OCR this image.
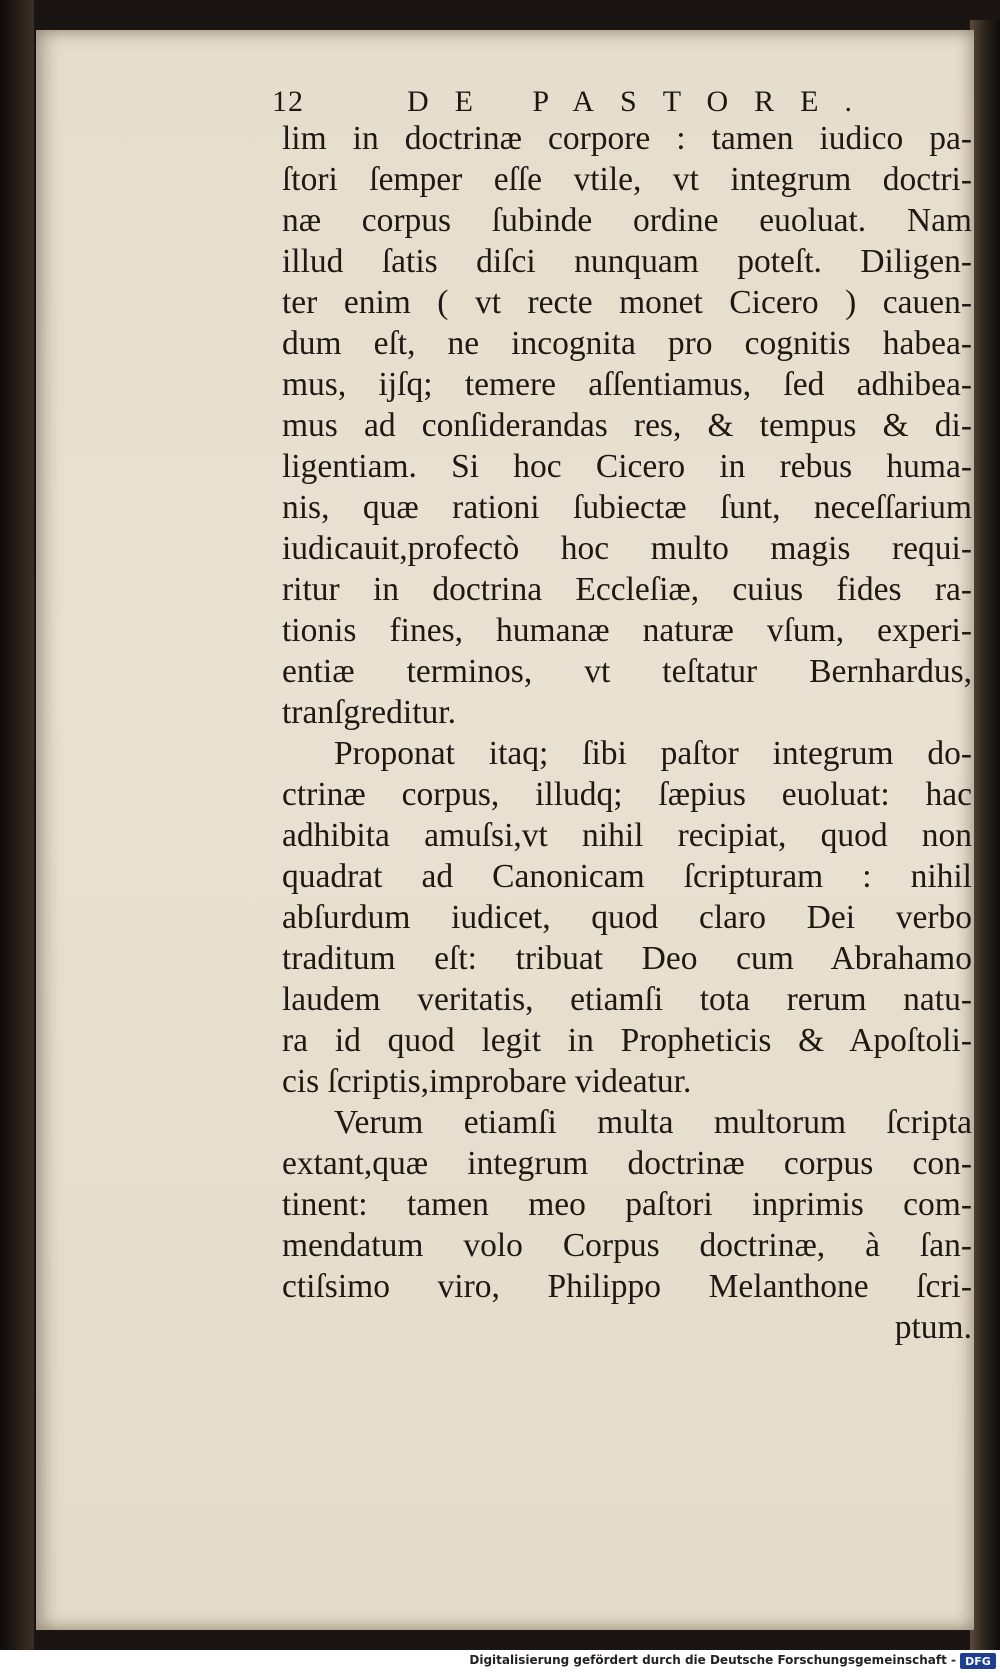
12	DE PASTORE.
lim in doctrinæ corpore : tamen iudico pa-
ſtori ſemper eſſe vtile, vt integrum doctri-
næ corpus ſubinde ordine euoluat. Nam
illud ſatis diſci nunquam poteſt. Diligen-
ter enim ( vt recte monet Cicero ) cauen-
dum eſt, ne incognita pro cognitis habea-
mus, ijſq; temere aſſentiamus, ſed adhibea-
mus ad conſiderandas res, & tempus & di-
ligentiam. Si hoc Cicero in rebus huma-
nis, quæ rationi ſubiectæ ſunt, neceſſarium
iudicauit,profectò hoc multo magis requi-
ritur in doctrina Eccleſiæ, cuius fides ra-
tionis fines, humanæ naturæ vſum, experi-
entiæ terminos, vt teſtatur Bernhardus,
tranſgreditur.
Proponat itaq; ſibi paſtor integrum do-
ctrinæ corpus, illudq; ſæpius euoluat: hac
adhibita amuſsi,vt nihil recipiat, quod non
quadrat ad Canonicam ſcripturam : nihil
abſurdum iudicet, quod claro Dei verbo
traditum eſt: tribuat Deo cum Abrahamo
laudem veritatis, etiamſi tota rerum natu-
ra id quod legit in Propheticis & Apoſtoli-
cis ſcriptis,improbare videatur.
Verum etiamſi multa multorum ſcripta
extant,quæ integrum doctrinæ corpus con-
tinent: tamen meo paſtori inprimis com-
mendatum volo Corpus doctrinæ, à ſan-
ctiſsimo viro, Philippo Melanthone ſcri-
ptum.
Digitalisierung gefördert durch die Deutsche Forschungsgemeinschaft - DFG
